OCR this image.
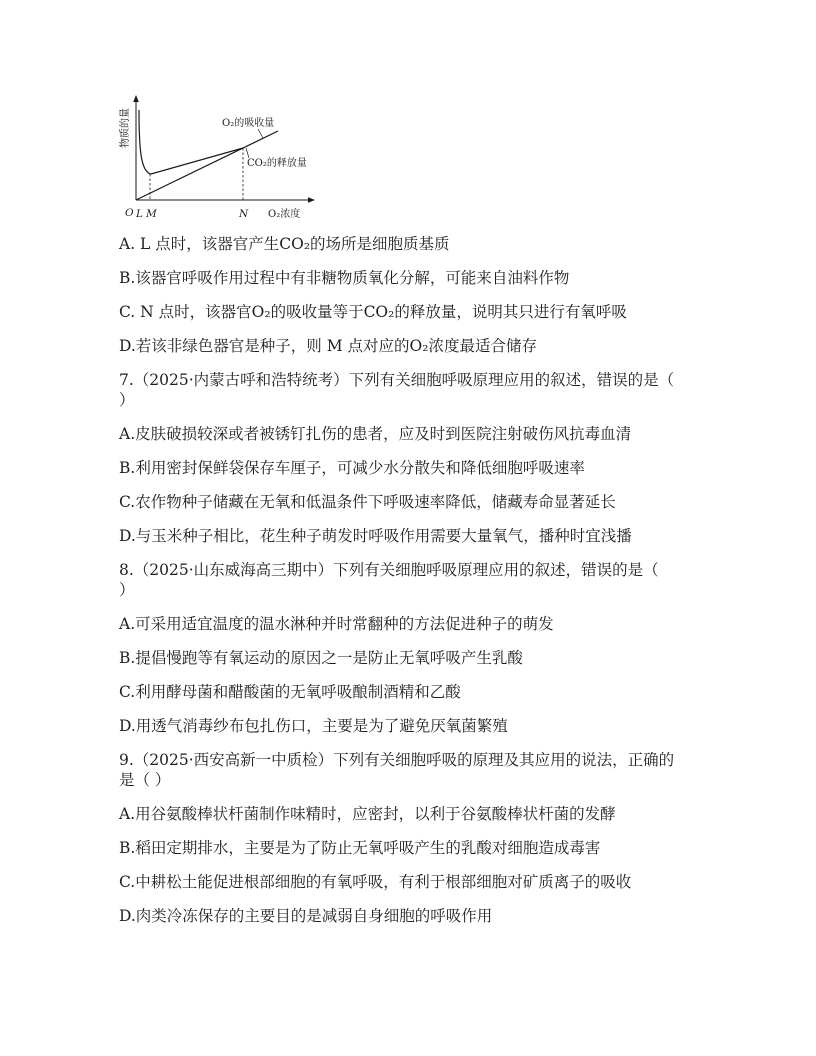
物质的量	O₂的吸收量
CO₂的释放量
O L M	N O₂浓度
A. L 点时，该器官产生CO₂的场所是细胞质基质
B.该器官呼吸作用过程中有非糖物质氧化分解，可能来自油料作物
C. N 点时，该器官O₂的吸收量等于CO₂的释放量，说明其只进行有氧呼吸
D.若该非绿色器官是种子，则 M 点对应的O₂浓度最适合储存
7.（2025·内蒙古呼和浩特统考）下列有关细胞呼吸原理应用的叙述，错误的是（
）
A.皮肤破损较深或者被锈钉扎伤的患者，应及时到医院注射破伤风抗毒血清
B.利用密封保鲜袋保存车厘子，可减少水分散失和降低细胞呼吸速率
C.农作物种子储藏在无氧和低温条件下呼吸速率降低，储藏寿命显著延长
D.与玉米种子相比，花生种子萌发时呼吸作用需要大量氧气，播种时宜浅播
8.（2025·山东威海高三期中）下列有关细胞呼吸原理应用的叙述，错误的是（
）
A.可采用适宜温度的温水淋种并时常翻种的方法促进种子的萌发
B.提倡慢跑等有氧运动的原因之一是防止无氧呼吸产生乳酸
C.利用酵母菌和醋酸菌的无氧呼吸酿制酒精和乙酸
D.用透气消毒纱布包扎伤口，主要是为了避免厌氧菌繁殖
9.（2025·西安高新一中质检）下列有关细胞呼吸的原理及其应用的说法，正确的
是（ ）
A.用谷氨酸棒状杆菌制作味精时，应密封，以利于谷氨酸棒状杆菌的发酵
B.稻田定期排水，主要是为了防止无氧呼吸产生的乳酸对细胞造成毒害
C.中耕松土能促进根部细胞的有氧呼吸，有利于根部细胞对矿质离子的吸收
D.肉类冷冻保存的主要目的是减弱自身细胞的呼吸作用
